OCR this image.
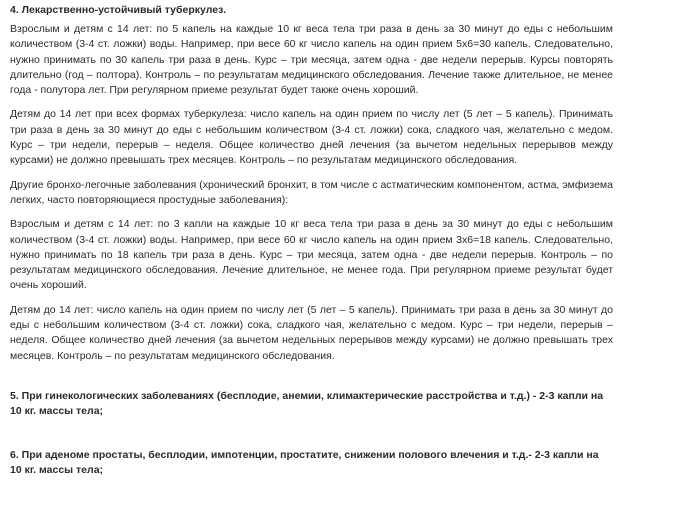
4. Лекарственно-устойчивый туберкулез.

Взрослым и детям с 14 лет: по 5 капель на каждые 10 кг веса тела три раза в день за 30 минут до еды с небольшим количеством (3-4 ст. ложки) воды. Например, при весе 60 кг число капель на один прием 5х6=30 капель. Следовательно, нужно принимать по 30 капель три раза в день. Курс – три месяца, затем одна - две недели перерыв. Курсы повторять длительно (год – полтора). Контроль – по результатам медицинского обследования. Лечение также длительное, не менее года - полутора лет. При регулярном приеме результат будет также очень хороший.

Детям до 14 лет при всех формах туберкулеза: число капель на один прием по числу лет (5 лет – 5 капель). Принимать три раза в день за 30 минут до еды с небольшим количеством (3-4 ст. ложки) сока, сладкого чая, желательно с медом. Курс – три недели, перерыв – неделя. Общее количество дней лечения (за вычетом недельных перерывов между курсами) не должно превышать трех месяцев. Контроль – по результатам медицинского обследования.

Другие бронхо-легочные заболевания (хронический бронхит, в том числе с астматическим компонентом, астма, эмфизема легких, часто повторяющиеся простудные заболевания):

Взрослым и детям с 14 лет: по 3 капли на каждые 10 кг веса тела три раза в день за 30 минут до еды с небольшим количеством (3-4 ст. ложки) воды. Например, при весе 60 кг число капель на один прием 3х6=18 капель. Следовательно, нужно принимать по 18 капель три раза в день. Курс – три месяца, затем одна - две недели перерыв. Контроль – по результатам медицинского обследования. Лечение длительное, не менее года. При регулярном приеме результат будет очень хороший.

Детям до 14 лет: число капель на один прием по числу лет (5 лет – 5 капель). Принимать три раза в день за 30 минут до еды с небольшим количеством (3-4 ст. ложки) сока, сладкого чая, желательно с медом. Курс – три недели, перерыв – неделя. Общее количество дней лечения (за вычетом недельных перерывов между курсами) не должно превышать трех месяцев. Контроль – по результатам медицинского обследования.

5. При гинекологических заболеваниях (бесплодие, анемии, климактерические расстройства и т.д.) - 2-3 капли на 10 кг. массы тела;

6. При аденоме простаты, бесплодии, импотенции, простатите, снижении полового влечения и т.д.- 2-3 капли на 10 кг. массы тела;
